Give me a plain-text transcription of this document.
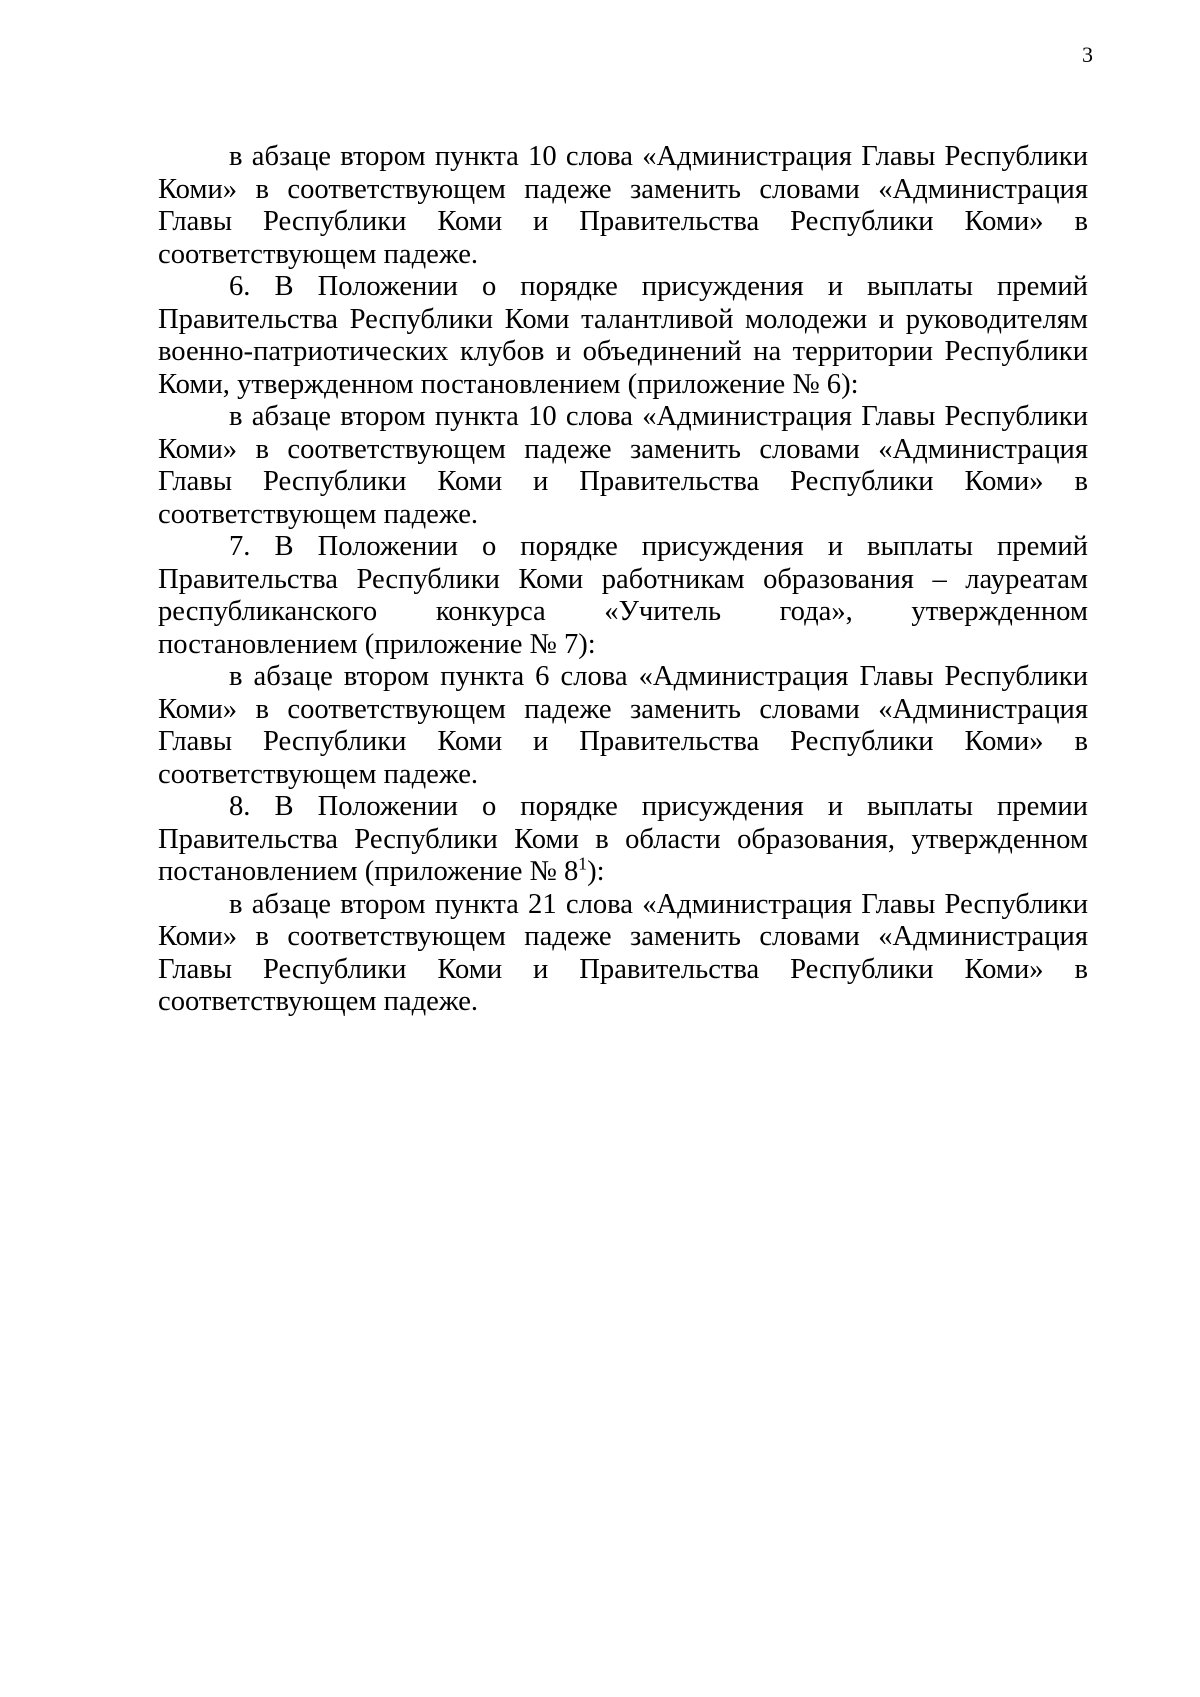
3

в абзаце втором пункта 10 слова «Администрация Главы Республики Коми» в соответствующем падеже заменить словами «Администрация Главы Республики Коми и Правительства Республики Коми» в соответствующем падеже.

6. В Положении о порядке присуждения и выплаты премий Правительства Республики Коми талантливой молодежи и руководителям военно-патриотических клубов и объединений на территории Республики Коми, утвержденном постановлением (приложение № 6):

в абзаце втором пункта 10 слова «Администрация Главы Республики Коми» в соответствующем падеже заменить словами «Администрация Главы Республики Коми и Правительства Республики Коми» в соответствующем падеже.

7. В Положении о порядке присуждения и выплаты премий Правительства Республики Коми работникам образования – лауреатам республиканского конкурса «Учитель года», утвержденном постановлением (приложение № 7):

в абзаце втором пункта 6 слова «Администрация Главы Республики Коми» в соответствующем падеже заменить словами «Администрация Главы Республики Коми и Правительства Республики Коми» в соответствующем падеже.

8. В Положении о порядке присуждения и выплаты премии Правительства Республики Коми в области образования, утвержденном постановлением (приложение № $8^1$):

в абзаце втором пункта 21 слова «Администрация Главы Республики Коми» в соответствующем падеже заменить словами «Администрация Главы Республики Коми и Правительства Республики Коми» в соответствующем падеже.
